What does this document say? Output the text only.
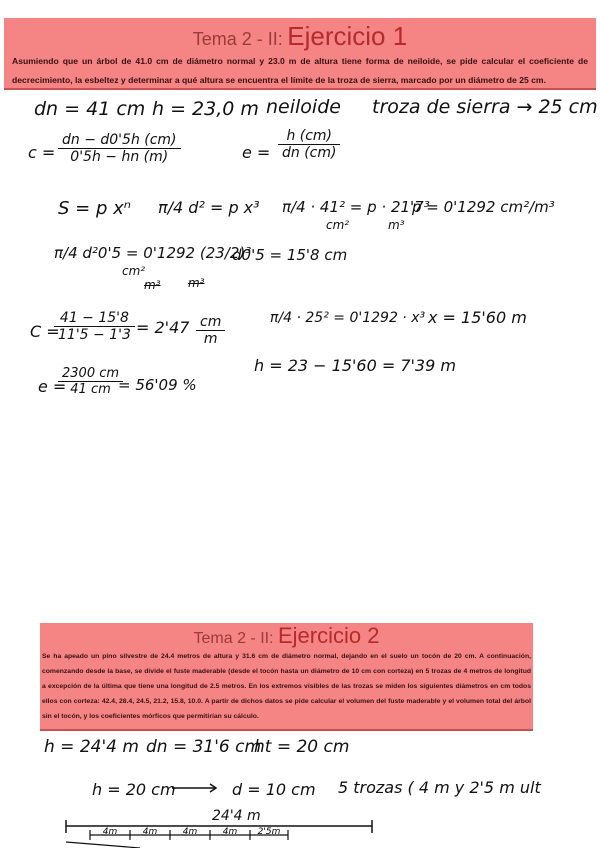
Tema 2 - II: Ejercicio 1
Asumiendo que un árbol de 41.0 cm de diámetro normal y 23.0 m de altura tiene forma de neiloide, se pide calcular el coeficiente de decrecimiento, la esbeltez y determinar a qué altura se encuentra el límite de la troza de sierra, marcado por un diámetro de 25 cm.
dn = 41 cm h = 23,0 m neiloide troza de sierra → 25 cm
$c = \frac{dn - d0'5h (cm)}{0'5h - hn (m)}$	$e = \frac{h (cm)}{dn (cm)}$
S = p xⁿ π/4 d² = p x³ π/4 · 41² = p · 21'7³
p = 0'1292 cm²/m³
cm²	m³
π/4 d²0'5 = 0'1292 (23/2)³
cm²
m³ m³
d0'5 = 15'8 cm
C =
$\frac{41 - 15'8}{11'5 - 1'3} = 2'47 \frac{cm}{m}$	π/4 · 25² = 0'1292 · x³ x = 15'60 m
h = 23 − 15'60 = 7'39 m
e =
$\frac{2300 cm}{41 cm}$
= 56'09 %
Tema 2 - II: Ejercicio 2
Se ha apeado un pino silvestre de 24.4 metros de altura y 31.6 cm de diámetro normal, dejando en el suelo un tocón de 20 cm. A continuación, comenzando desde la base, se divide el fuste maderable (desde el tocón hasta un diámetro de 10 cm con corteza) en 5 trozas de 4 metros de longitud a excepción de la última que tiene una longitud de 2.5 metros. En los extremos visibles de las trozas se miden los siguientes diámetros en cm todos ellos con corteza: 42.4, 28.4, 24.5, 21.2, 15.8, 10.0. A partir de dichos datos se pide calcular el volumen del fuste maderable y el volumen total del árbol sin el tocón, y los coeficientes mórficos que permitirían su cálculo.
h = 24'4 m dn = 31'6 cm
ht = 20 cm
h = 20 cm	d = 10 cm 5 trozas ( 4 m y 2'5 m ult
24'4 m
4m	4m	4m	4m 2'5m
